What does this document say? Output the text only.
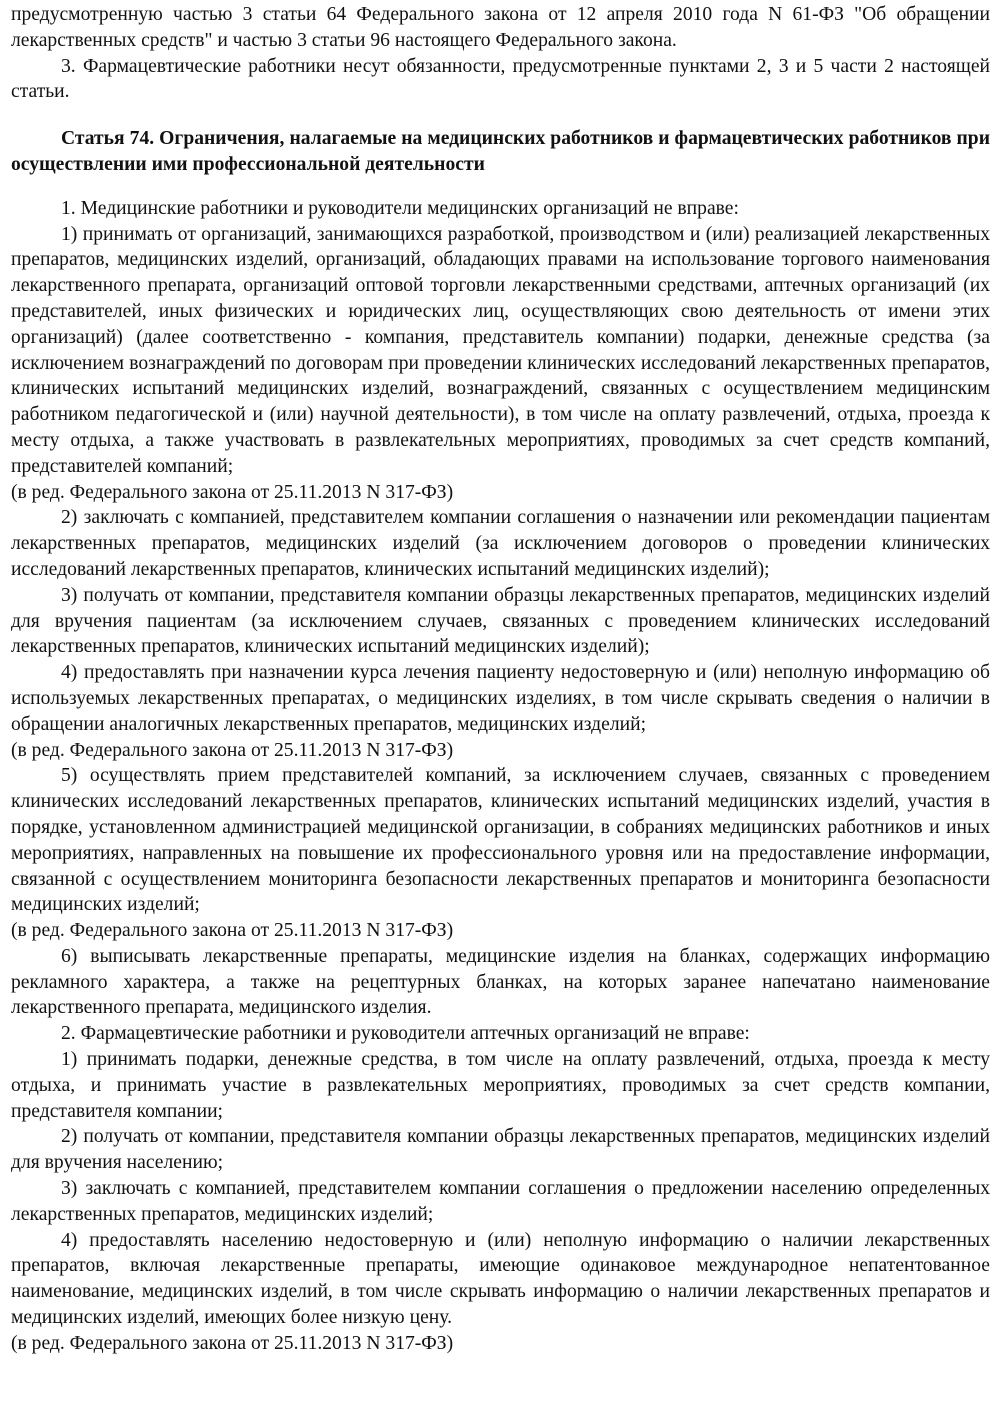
предусмотренную частью 3 статьи 64 Федерального закона от 12 апреля 2010 года N 61-ФЗ "Об обращении лекарственных средств" и частью 3 статьи 96 настоящего Федерального закона.

3. Фармацевтические работники несут обязанности, предусмотренные пунктами 2, 3 и 5 части 2 настоящей статьи.

Статья 74. Ограничения, налагаемые на медицинских работников и фармацевтических работников при осуществлении ими профессиональной деятельности

1. Медицинские работники и руководители медицинских организаций не вправе:

1) принимать от организаций, занимающихся разработкой, производством и (или) реализацией лекарственных препаратов, медицинских изделий, организаций, обладающих правами на использование торгового наименования лекарственного препарата, организаций оптовой торговли лекарственными средствами, аптечных организаций (их представителей, иных физических и юридических лиц, осуществляющих свою деятельность от имени этих организаций) (далее соответственно - компания, представитель компании) подарки, денежные средства (за исключением вознаграждений по договорам при проведении клинических исследований лекарственных препаратов, клинических испытаний медицинских изделий, вознаграждений, связанных с осуществлением медицинским работником педагогической и (или) научной деятельности), в том числе на оплату развлечений, отдыха, проезда к месту отдыха, а также участвовать в развлекательных мероприятиях, проводимых за счет средств компаний, представителей компаний;

(в ред. Федерального закона от 25.11.2013 N 317-ФЗ)

2) заключать с компанией, представителем компании соглашения о назначении или рекомендации пациентам лекарственных препаратов, медицинских изделий (за исключением договоров о проведении клинических исследований лекарственных препаратов, клинических испытаний медицинских изделий);

3) получать от компании, представителя компании образцы лекарственных препаратов, медицинских изделий для вручения пациентам (за исключением случаев, связанных с проведением клинических исследований лекарственных препаратов, клинических испытаний медицинских изделий);

4) предоставлять при назначении курса лечения пациенту недостоверную и (или) неполную информацию об используемых лекарственных препаратах, о медицинских изделиях, в том числе скрывать сведения о наличии в обращении аналогичных лекарственных препаратов, медицинских изделий;

(в ред. Федерального закона от 25.11.2013 N 317-ФЗ)

5) осуществлять прием представителей компаний, за исключением случаев, связанных с проведением клинических исследований лекарственных препаратов, клинических испытаний медицинских изделий, участия в порядке, установленном администрацией медицинской организации, в собраниях медицинских работников и иных мероприятиях, направленных на повышение их профессионального уровня или на предоставление информации, связанной с осуществлением мониторинга безопасности лекарственных препаратов и мониторинга безопасности медицинских изделий;

(в ред. Федерального закона от 25.11.2013 N 317-ФЗ)

6) выписывать лекарственные препараты, медицинские изделия на бланках, содержащих информацию рекламного характера, а также на рецептурных бланках, на которых заранее напечатано наименование лекарственного препарата, медицинского изделия.

2. Фармацевтические работники и руководители аптечных организаций не вправе:

1) принимать подарки, денежные средства, в том числе на оплату развлечений, отдыха, проезда к месту отдыха, и принимать участие в развлекательных мероприятиях, проводимых за счет средств компании, представителя компании;

2) получать от компании, представителя компании образцы лекарственных препаратов, медицинских изделий для вручения населению;

3) заключать с компанией, представителем компании соглашения о предложении населению определенных лекарственных препаратов, медицинских изделий;

4) предоставлять населению недостоверную и (или) неполную информацию о наличии лекарственных препаратов, включая лекарственные препараты, имеющие одинаковое международное непатентованное наименование, медицинских изделий, в том числе скрывать информацию о наличии лекарственных препаратов и медицинских изделий, имеющих более низкую цену.

(в ред. Федерального закона от 25.11.2013 N 317-ФЗ)
